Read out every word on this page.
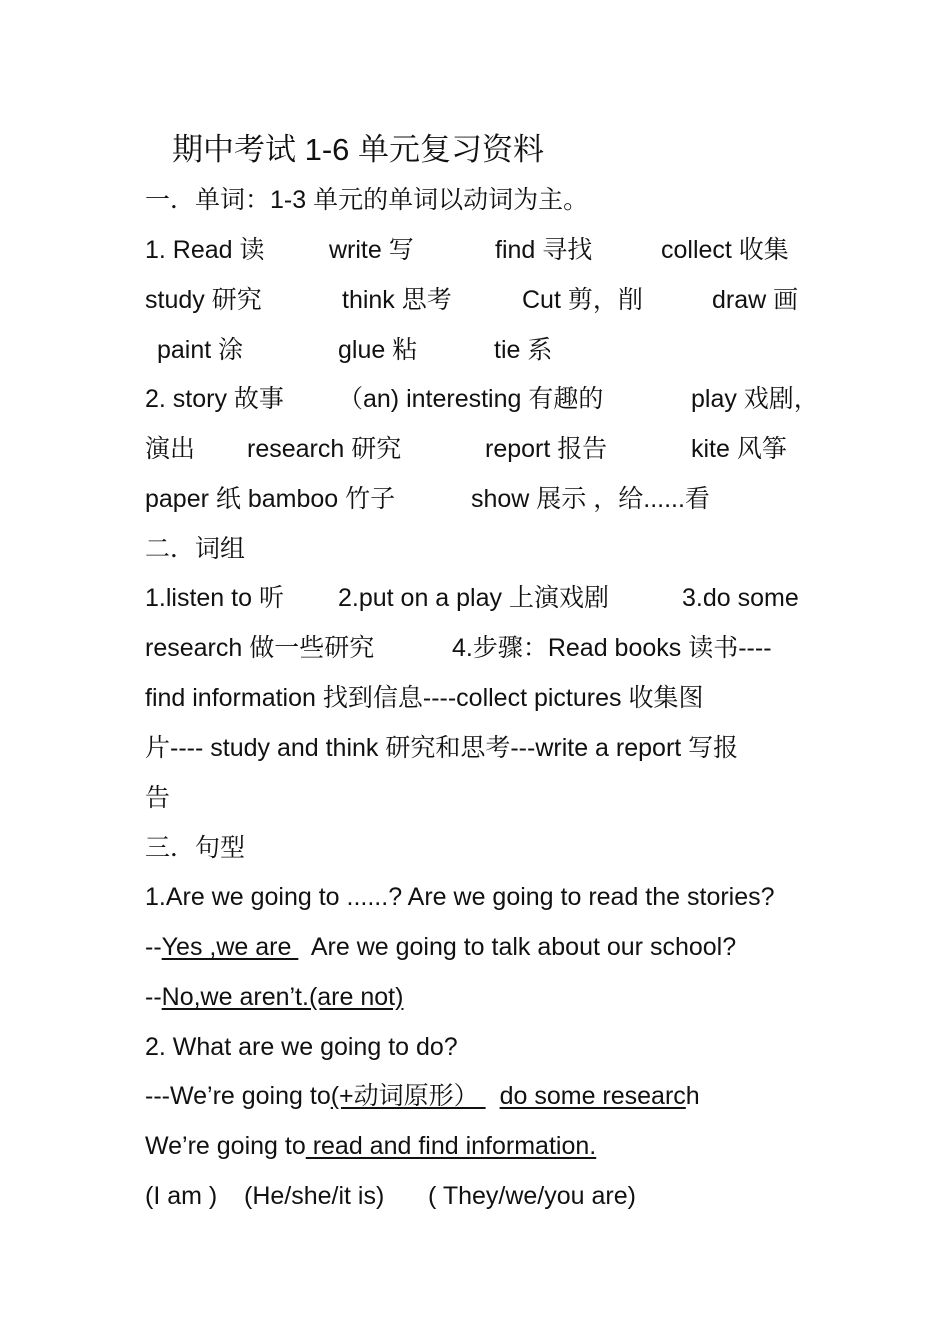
期中考试 1-6 单元复习资料
一．单词：1-3 单元的单词以动词为主。
1. Read 读	write 写	find 寻找	collect 收集
study 研究	think 思考	Cut 剪，削	draw 画
paint 涂	glue 粘	tie 系
2. story 故事 （an) interesting 有趣的	play 戏剧，
演出 research 研究	report 报告	kite 风筝
paper 纸 bamboo 竹子	show 展示 ，给......看
二．词组
1.listen to 听 2.put on a play 上演戏剧	3.do some
research 做一些研究	4.步骤：Read books 读书----
find information 找到信息----collect pictures 收集图
片---- study and think 研究和思考---write a report 写报
告
三．句型
1.Are we going to ......? Are we going to read the stories?
--Yes ,we are   Are we going to talk about our school?
--No,we aren’t.(are not)
2. What are we going to do?
---We’re going to(+动词原形） do some research
We’re going to read and find information.
(I am ) (He/she/it is) ( They/we/you are)
